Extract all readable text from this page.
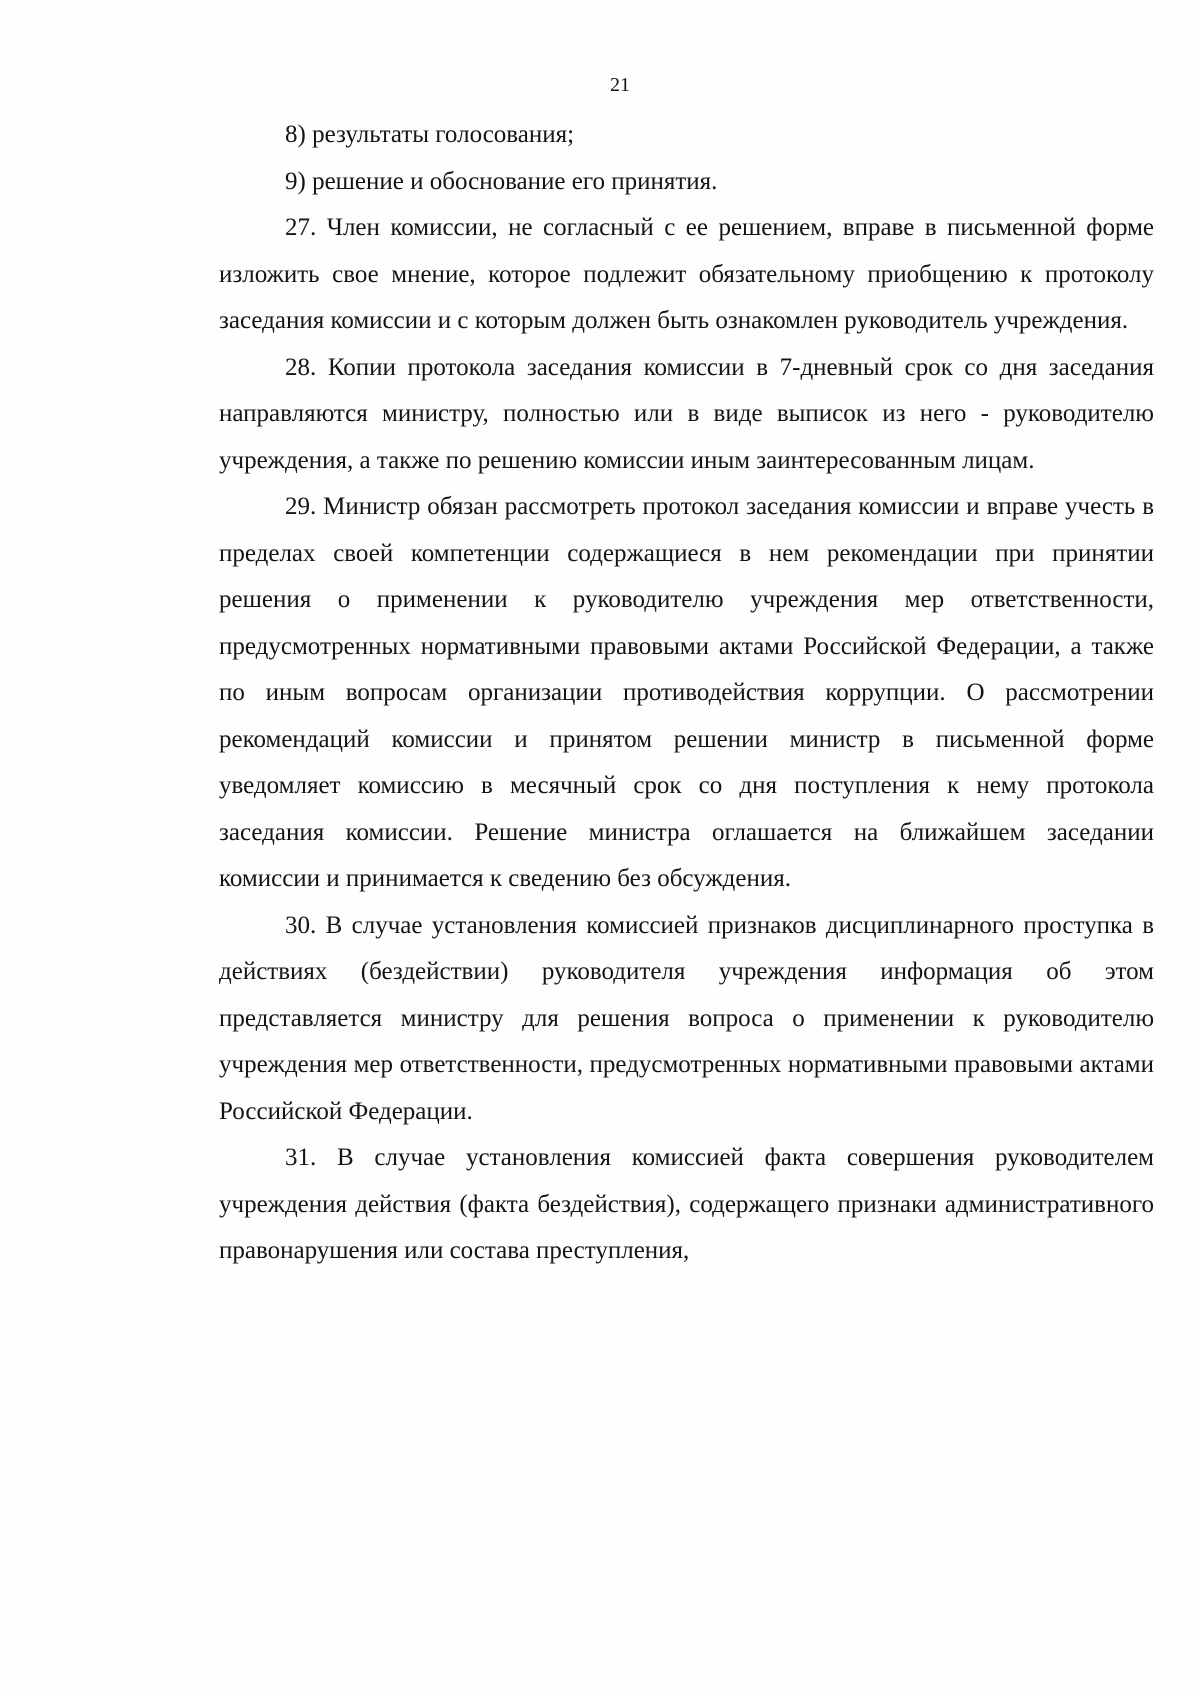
21

8) результаты голосования;

9) решение и обоснование его принятия.

27. Член комиссии, не согласный с ее решением, вправе в письменной форме изложить свое мнение, которое подлежит обязательному приобщению к протоколу заседания комиссии и с которым должен быть ознакомлен руководитель учреждения.

28. Копии протокола заседания комиссии в 7-дневный срок со дня заседания направляются министру, полностью или в виде выписок из него - руководителю учреждения, а также по решению комиссии иным заинтересованным лицам.

29. Министр обязан рассмотреть протокол заседания комиссии и вправе учесть в пределах своей компетенции содержащиеся в нем рекомендации при принятии решения о применении к руководителю учреждения мер ответственности, предусмотренных нормативными правовыми актами Российской Федерации, а также по иным вопросам организации противодействия коррупции. О рассмотрении рекомендаций комиссии и принятом решении министр в письменной форме уведомляет комиссию в месячный срок со дня поступления к нему протокола заседания комиссии. Решение министра оглашается на ближайшем заседании комиссии и принимается к сведению без обсуждения.

30. В случае установления комиссией признаков дисциплинарного проступка в действиях (бездействии) руководителя учреждения информация об этом представляется министру для решения вопроса о применении к руководителю учреждения мер ответственности, предусмотренных нормативными правовыми актами Российской Федерации.

31. В случае установления комиссией факта совершения руководителем учреждения действия (факта бездействия), содержащего признаки административного правонарушения или состава преступления,
